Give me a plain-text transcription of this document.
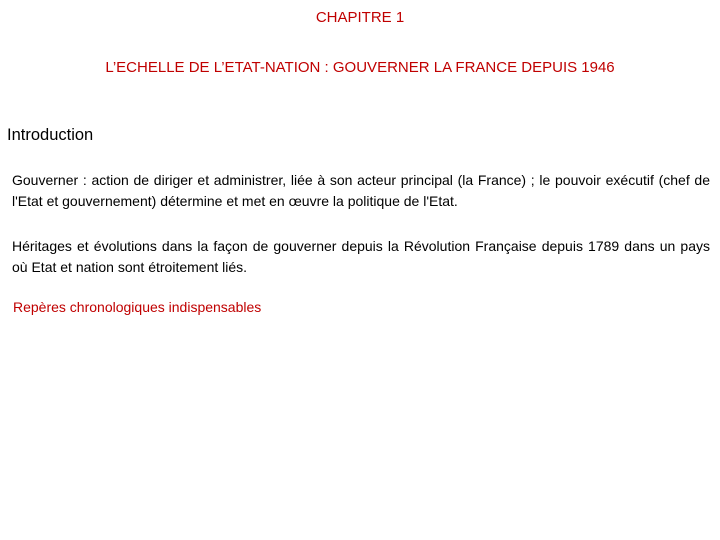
CHAPITRE 1
L’ECHELLE DE L’ETAT-NATION : GOUVERNER LA FRANCE DEPUIS 1946
Introduction
Gouverner : action de diriger et administrer, liée à son acteur principal (la France) ; le pouvoir exécutif (chef de l'Etat et gouvernement) détermine et met en œuvre la politique de l'Etat.
Héritages et évolutions dans la façon de gouverner depuis la Révolution Française depuis 1789 dans un pays où Etat et nation sont étroitement liés.
Repères chronologiques indispensables
